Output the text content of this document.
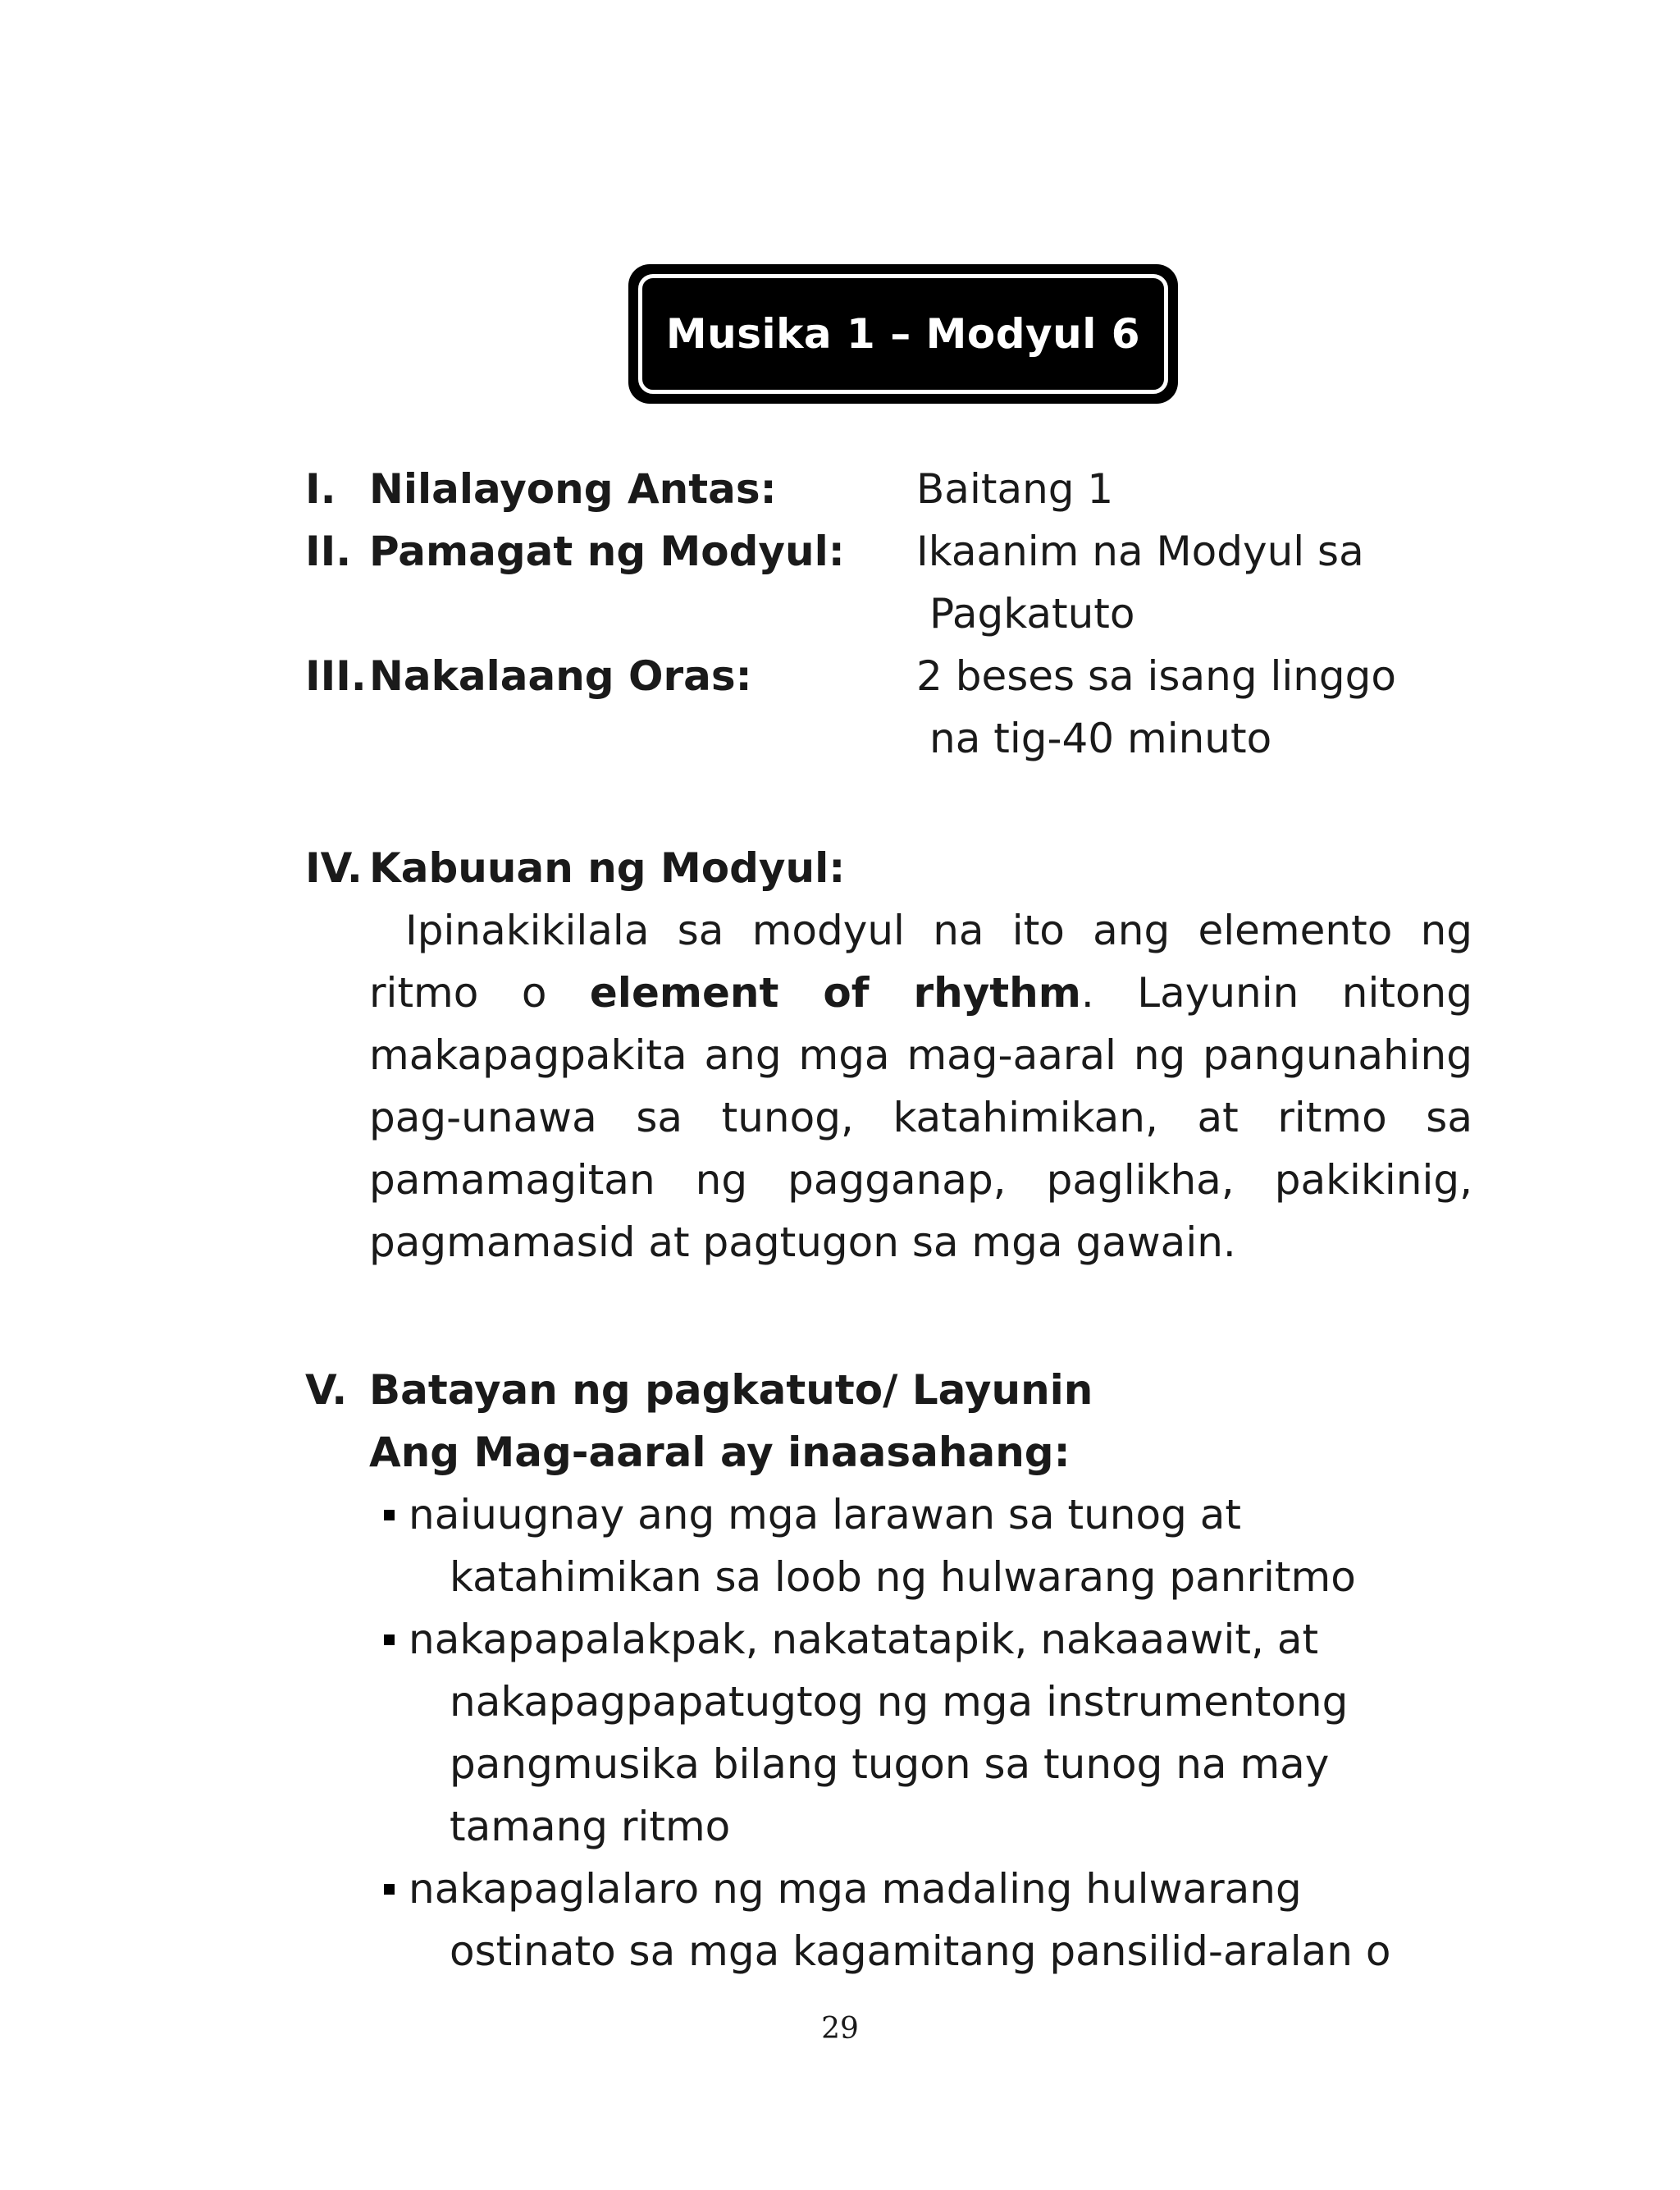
Musika 1 – Modyul 6
I. Nilalayong Antas:	Baitang 1
II. Pamagat ng Modyul: Ikaanim na Modyul sa
Pagkatuto
III. Nakalaang Oras:	2 beses sa isang linggo
na tig-40 minuto
IV. Kabuuan ng Modyul:

Ipinakikilala sa modyul na ito ang elemento ng ritmo o element of rhythm. Layunin nitong makapagpakita ang mga mag-aaral ng pangunahing pag-unawa sa tunog, katahimikan, at ritmo sa pamamagitan ng pagganap, paglikha, pakikinig, pagmamasid at pagtugon sa mga gawain.

V. Batayan ng pagkatuto/ Layunin
Ang Mag-aaral ay inaasahang:
naiuugnay ang mga larawan sa tunog at
katahimikan sa loob ng hulwarang panritmo
nakapapalakpak, nakatatapik, nakaaawit, at
nakapagpapatugtog ng mga instrumentong
pangmusika bilang tugon sa tunog na may
tamang ritmo
nakapaglalaro ng mga madaling hulwarang
ostinato sa mga kagamitang pansilid-aralan o
29
